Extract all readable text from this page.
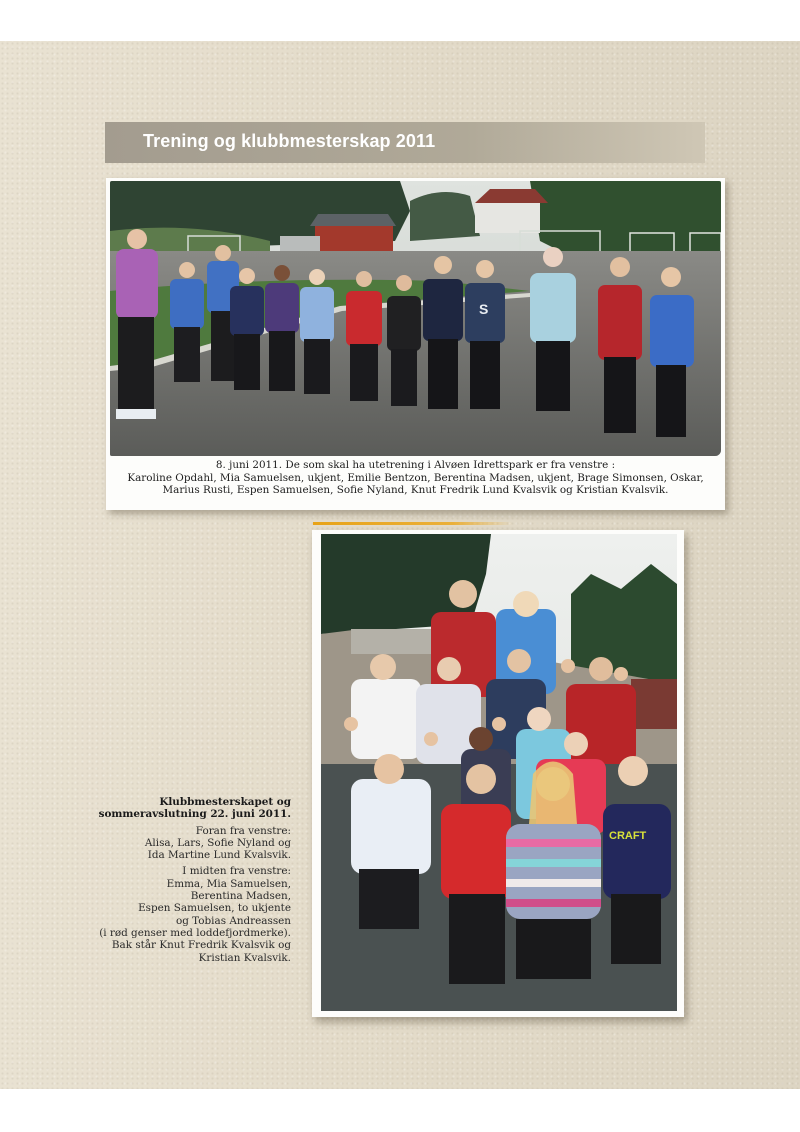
Trening og klubbmesterskap 2011
S
8. juni 2011. De som skal ha utetrening i Alvøen Idrettspark er fra venstre :
Karoline Opdahl, Mia Samuelsen, ukjent, Emilie Bentzon, Berentina Madsen, ukjent, Brage Simonsen, Oskar,
Marius Rusti, Espen Samuelsen, Sofie Nyland, Knut Fredrik Lund Kvalsvik og Kristian Kvalsvik.
CRAFT
Klubbmesterskapet og
sommeravslutning 22. juni 2011.

Foran fra venstre:
Alisa, Lars, Sofie Nyland og
Ida Martine Lund Kvalsvik.

I midten fra venstre:
Emma, Mia Samuelsen,
Berentina Madsen,
Espen Samuelsen, to ukjente
og Tobias Andreassen
(i rød genser med loddefjordmerke).
Bak står Knut Fredrik Kvalsvik og
Kristian Kvalsvik.
